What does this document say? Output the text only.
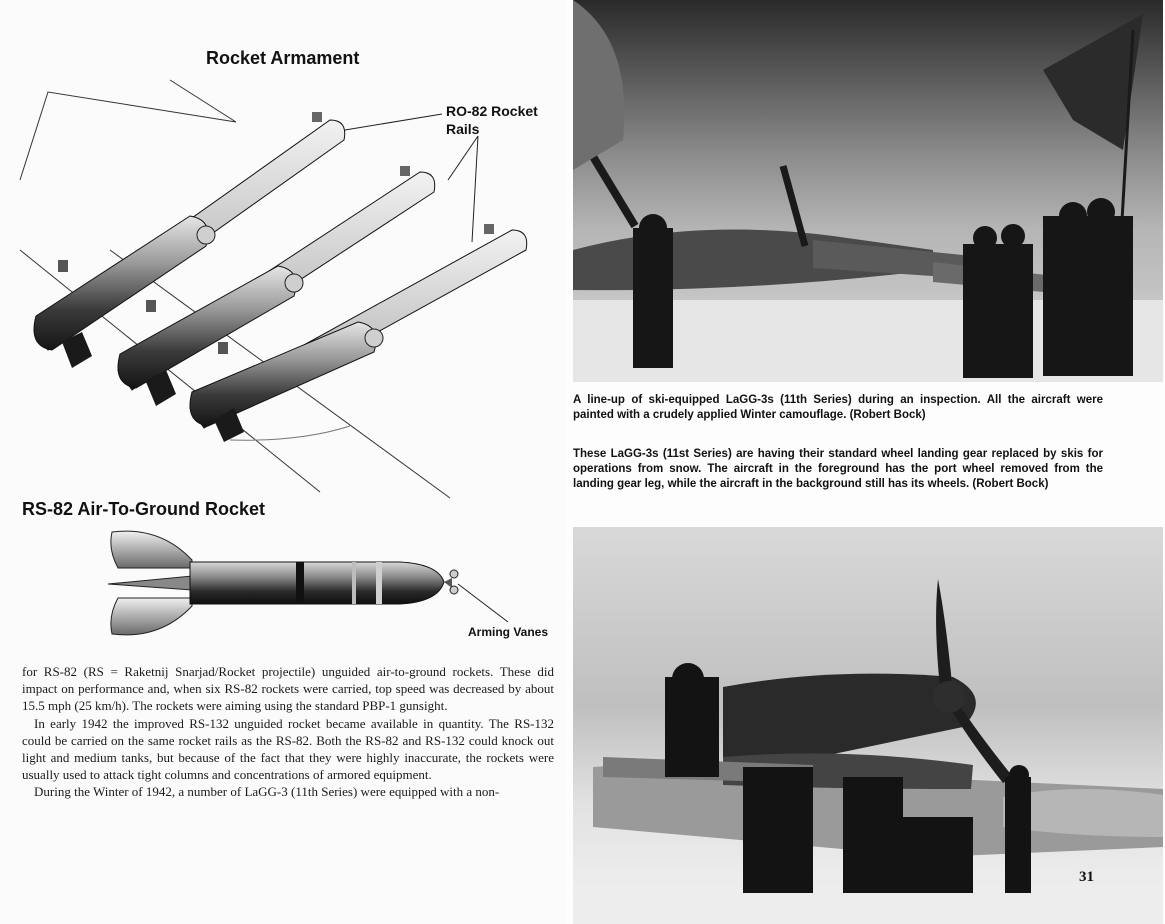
Rocket Armament
RO-82 Rocket
Rails
RS-82 Air-To-Ground Rocket
Arming Vanes

for RS-82 (RS = Raketnij Snarjad/Rocket projectile) unguided air-to-ground rockets. These did impact on performance and, when six RS-82 rockets were carried, top speed was decreased by about 15.5 mph (25 km/h). The rockets were aiming using the standard PBP-1 gunsight.

In early 1942 the improved RS-132 unguided rocket became available in quantity. The RS-132 could be carried on the same rocket rails as the RS-82. Both the RS-82 and RS-132 could knock out light and medium tanks, but because of the fact that they were highly inaccurate, the rockets were usually used to attack tight columns and concentrations of armored equipment.

During the Winter of 1942, a number of LaGG-3 (11th Series) were equipped with a non-

A line-up of ski-equipped LaGG-3s (11th Series) during an inspection. All the aircraft were painted with a crudely applied Winter camouflage. (Robert Bock)
These LaGG-3s (11st Series) are having their standard wheel landing gear replaced by skis for operations from snow. The aircraft in the foreground has the port wheel removed from the landing gear leg, while the aircraft in the background still has its wheels. (Robert Bock)
31
